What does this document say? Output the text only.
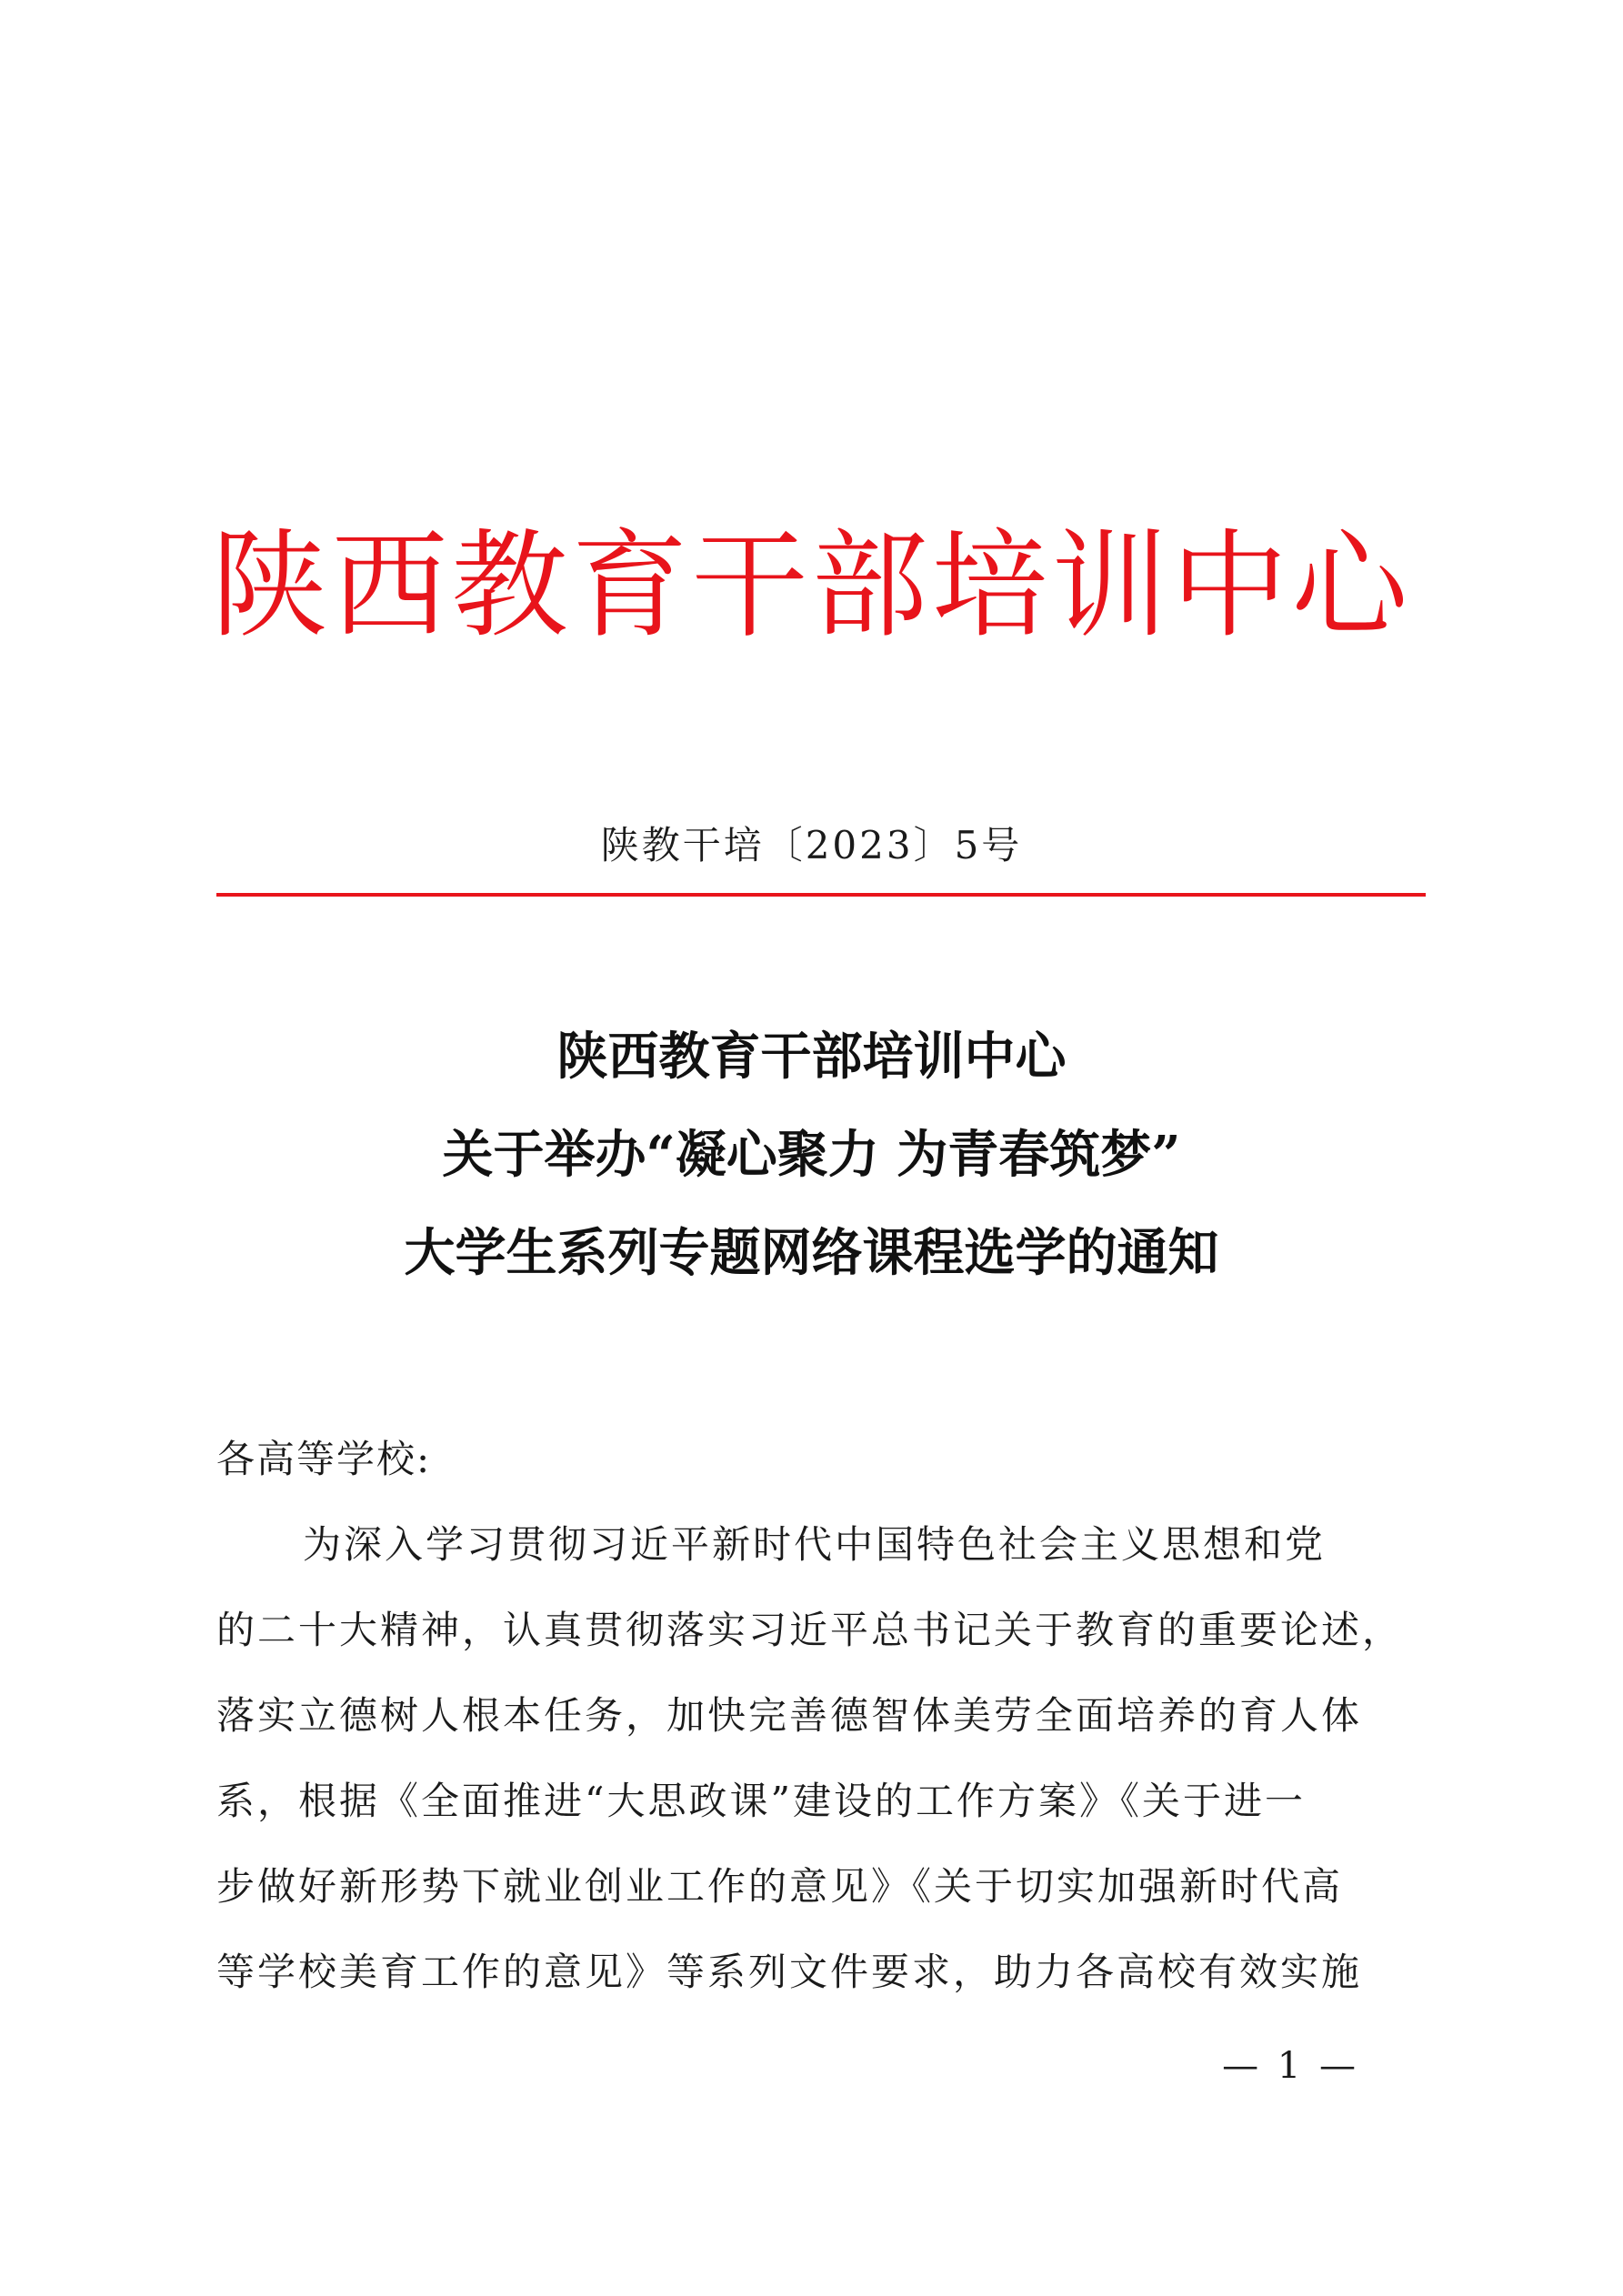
陕西教育干部培训中心
陕教干培〔2023〕5号
陕西教育干部培训中心
关于举办“凝心聚力 为青春筑梦”
大学生系列专题网络课程选学的通知
各高等学校:
为深入学习贯彻习近平新时代中国特色社会主义思想和党
的二十大精神，认真贯彻落实习近平总书记关于教育的重要论述，
落实立德树人根本任务，加快完善德智体美劳全面培养的育人体
系，根据《全面推进“大思政课”建设的工作方案》《关于进一
步做好新形势下就业创业工作的意见》《关于切实加强新时代高
等学校美育工作的意见》等系列文件要求，助力各高校有效实施
— 1 —
